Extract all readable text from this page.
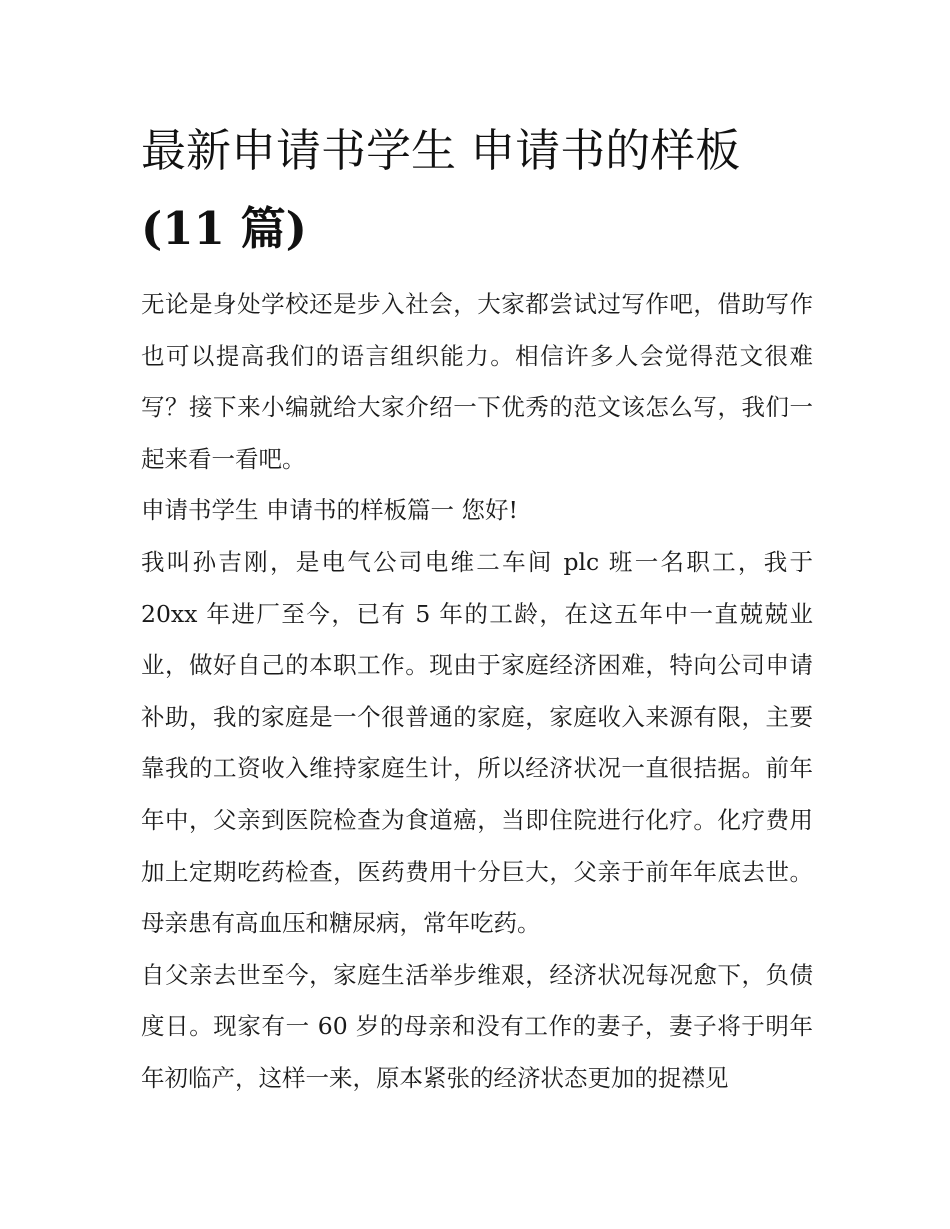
最新申请书学生 申请书的样板
(11 篇)

无论是身处学校还是步入社会，大家都尝试过写作吧，借助写作也可以提高我们的语言组织能力。相信许多人会觉得范文很难写？接下来小编就给大家介绍一下优秀的范文该怎么写，我们一起来看一看吧。

申请书学生 申请书的样板篇一 您好!

我叫孙吉刚，是电气公司电维二车间 plc 班一名职工，我于 20xx 年进厂至今，已有 5 年的工龄，在这五年中一直兢兢业业，做好自己的本职工作。现由于家庭经济困难，特向公司申请补助，我的家庭是一个很普通的家庭，家庭收入来源有限，主要靠我的工资收入维持家庭生计，所以经济状况一直很拮据。前年年中，父亲到医院检查为食道癌，当即住院进行化疗。化疗费用加上定期吃药检查，医药费用十分巨大，父亲于前年年底去世。母亲患有高血压和糖尿病，常年吃药。

自父亲去世至今，家庭生活举步维艰，经济状况每况愈下，负债度日。现家有一 60 岁的母亲和没有工作的妻子，妻子将于明年年初临产，这样一来，原本紧张的经济状态更加的捉襟见
